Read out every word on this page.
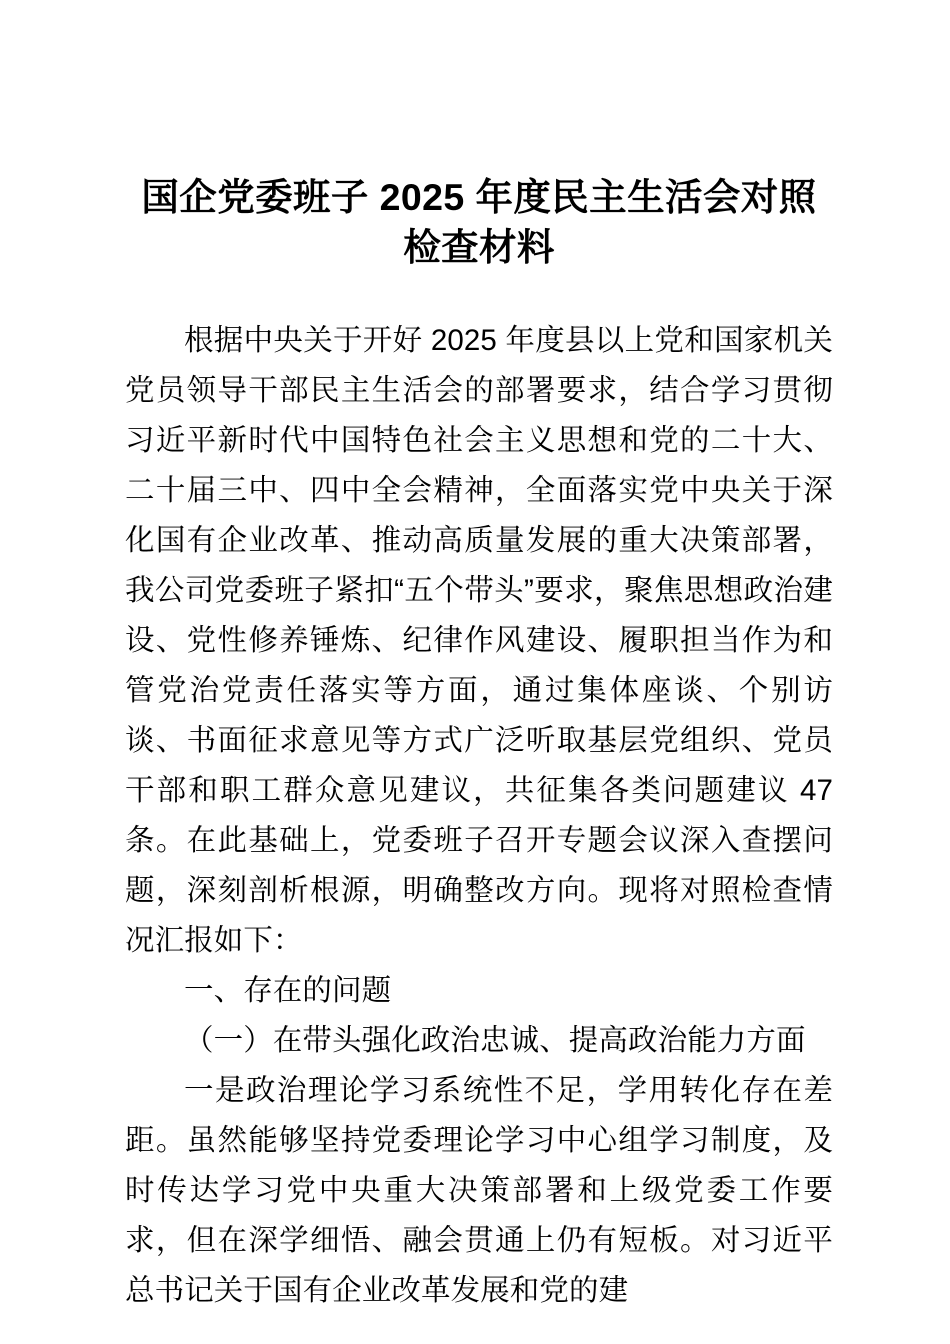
国企党委班子 2025 年度民主生活会对照检查材料

根据中央关于开好 2025 年度县以上党和国家机关党员领导干部民主生活会的部署要求，结合学习贯彻习近平新时代中国特色社会主义思想和党的二十大、二十届三中、四中全会精神，全面落实党中央关于深化国有企业改革、推动高质量发展的重大决策部署，我公司党委班子紧扣“五个带头”要求，聚焦思想政治建设、党性修养锤炼、纪律作风建设、履职担当作为和管党治党责任落实等方面，通过集体座谈、个别访谈、书面征求意见等方式广泛听取基层党组织、党员干部和职工群众意见建议，共征集各类问题建议 47 条。在此基础上，党委班子召开专题会议深入查摆问题，深刻剖析根源，明确整改方向。现将对照检查情况汇报如下：

一、存在的问题

（一）在带头强化政治忠诚、提高政治能力方面

一是政治理论学习系统性不足，学用转化存在差距。虽然能够坚持党委理论学习中心组学习制度，及时传达学习党中央重大决策部署和上级党委工作要求，但在深学细悟、融会贯通上仍有短板。对习近平总书记关于国有企业改革发展和党的建
